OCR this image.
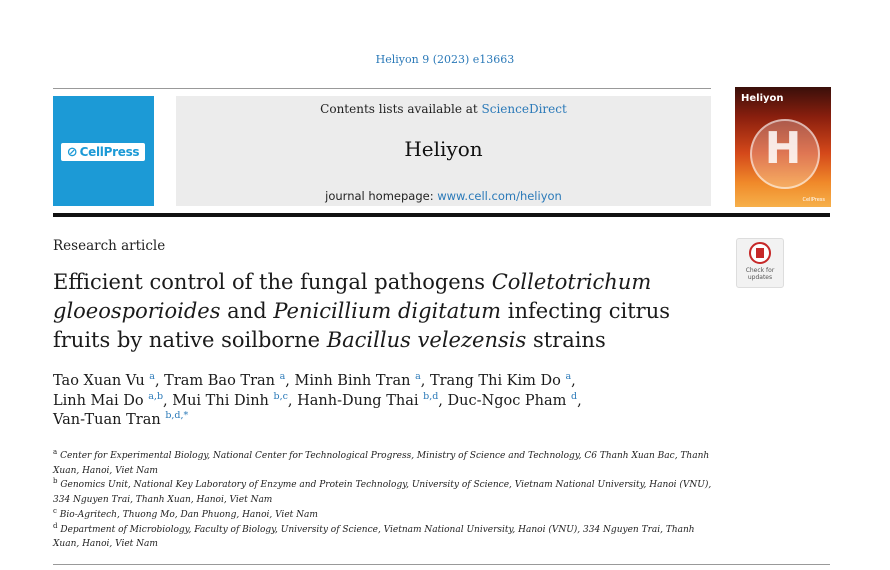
Heliyon 9 (2023) e13663
⊘ CellPress
Contents lists available at ScienceDirect
Heliyon
journal homepage: www.cell.com/heliyon
Heliyon
H
CellPress
Research article
Check for
updates
Efficient control of the fungal pathogens Colletotrichum gloeosporioides and Penicillium digitatum infecting citrus fruits by native soilborne Bacillus velezensis strains
Tao Xuan Vu $^a$, Tram Bao Tran $^a$, Minh Binh Tran $^a$, Trang Thi Kim Do $^a$,
Linh Mai Do $^{a,b}$, Mui Thi Dinh $^{b,c}$, Hanh-Dung Thai $^{b,d}$, Duc-Ngoc Pham $^d$,
Van-Tuan Tran $^{b,d,*}$
$^a$ Center for Experimental Biology, National Center for Technological Progress, Ministry of Science and Technology, C6 Thanh Xuan Bac, Thanh Xuan, Hanoi, Viet Nam
$^b$ Genomics Unit, National Key Laboratory of Enzyme and Protein Technology, University of Science, Vietnam National University, Hanoi (VNU), 334 Nguyen Trai, Thanh Xuan, Hanoi, Viet Nam
$^c$ Bio-Agritech, Thuong Mo, Dan Phuong, Hanoi, Viet Nam
$^d$ Department of Microbiology, Faculty of Biology, University of Science, Vietnam National University, Hanoi (VNU), 334 Nguyen Trai, Thanh Xuan, Hanoi, Viet Nam
